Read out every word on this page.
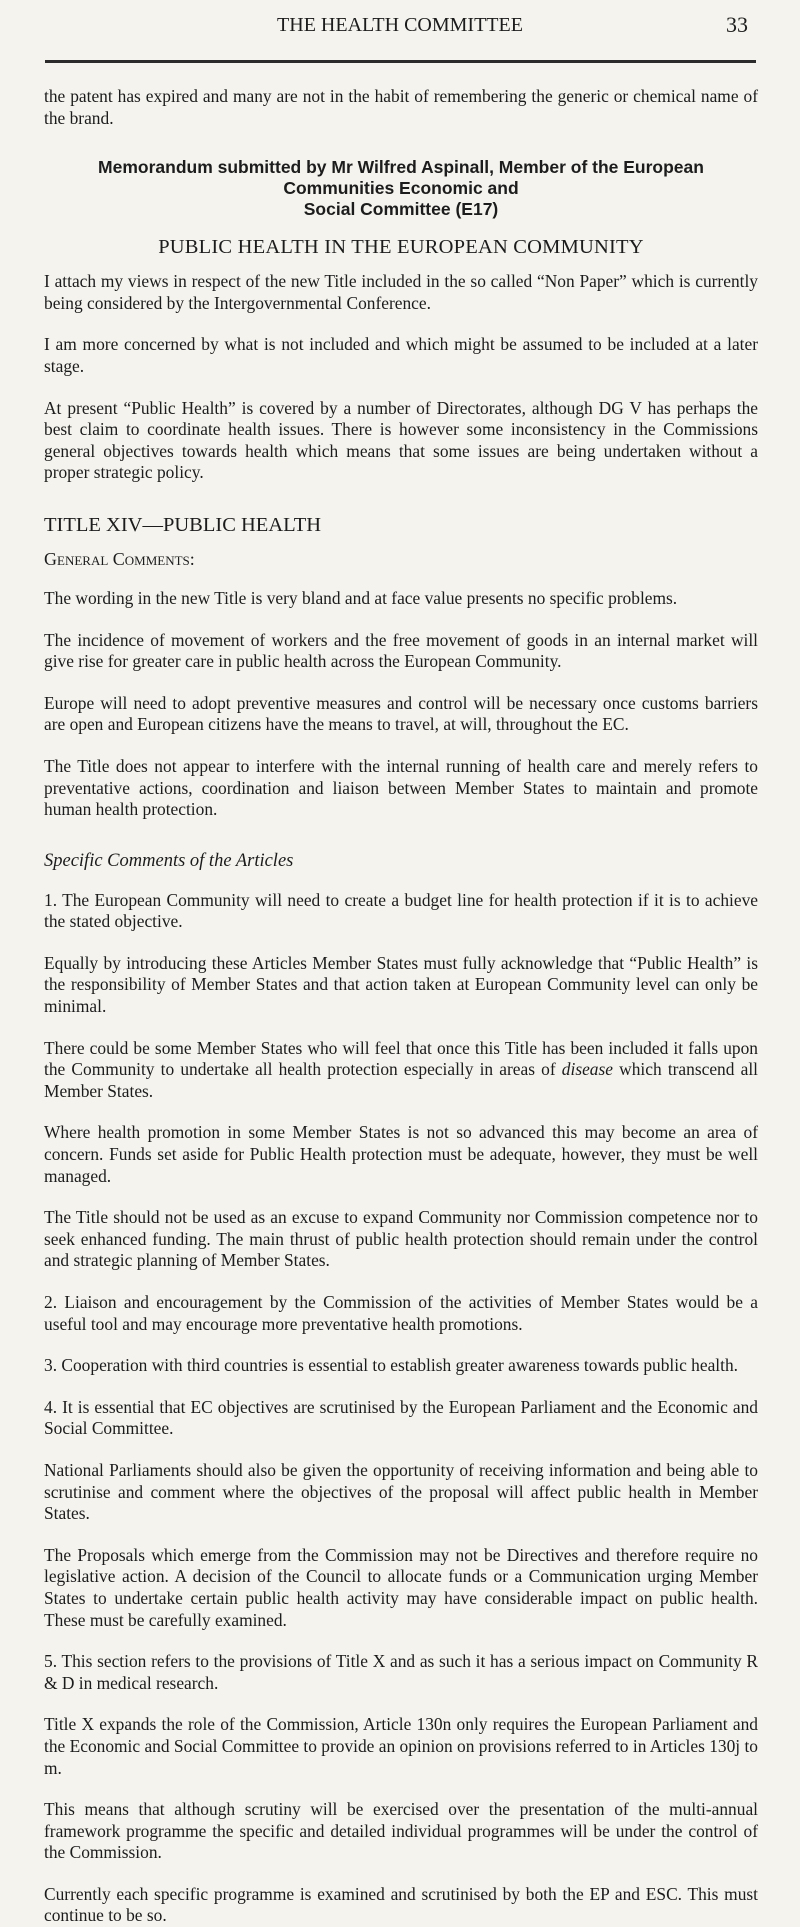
THE HEALTH COMMITTEE	33

the patent has expired and many are not in the habit of remembering the generic or chemical name of the brand.

Memorandum submitted by Mr Wilfred Aspinall, Member of the European Communities Economic and
Social Committee (E17)
PUBLIC HEALTH IN THE EUROPEAN COMMUNITY

I attach my views in respect of the new Title included in the so called “Non Paper” which is currently being considered by the Intergovernmental Conference.

I am more concerned by what is not included and which might be assumed to be included at a later stage.

At present “Public Health” is covered by a number of Directorates, although DG V has perhaps the best claim to coordinate health issues. There is however some inconsistency in the Commissions general objectives towards health which means that some issues are being undertaken without a proper strategic policy.

TITLE XIV—PUBLIC HEALTH
General Comments:

The wording in the new Title is very bland and at face value presents no specific problems.

The incidence of movement of workers and the free movement of goods in an internal market will give rise for greater care in public health across the European Community.

Europe will need to adopt preventive measures and control will be necessary once customs barriers are open and European citizens have the means to travel, at will, throughout the EC.

The Title does not appear to interfere with the internal running of health care and merely refers to preventative actions, coordination and liaison between Member States to maintain and promote human health protection.

Specific Comments of the Articles

1. The European Community will need to create a budget line for health protection if it is to achieve the stated objective.

Equally by introducing these Articles Member States must fully acknowledge that “Public Health” is the responsibility of Member States and that action taken at European Community level can only be minimal.

There could be some Member States who will feel that once this Title has been included it falls upon the Community to undertake all health protection especially in areas of disease which transcend all Member States.

Where health promotion in some Member States is not so advanced this may become an area of concern. Funds set aside for Public Health protection must be adequate, however, they must be well managed.

The Title should not be used as an excuse to expand Community nor Commission competence nor to seek enhanced funding. The main thrust of public health protection should remain under the control and strategic planning of Member States.

2. Liaison and encouragement by the Commission of the activities of Member States would be a useful tool and may encourage more preventative health promotions.

3. Cooperation with third countries is essential to establish greater awareness towards public health.

4. It is essential that EC objectives are scrutinised by the European Parliament and the Economic and Social Committee.

National Parliaments should also be given the opportunity of receiving information and being able to scrutinise and comment where the objectives of the proposal will affect public health in Member States.

The Proposals which emerge from the Commission may not be Directives and therefore require no legislative action. A decision of the Council to allocate funds or a Communication urging Member States to undertake certain public health activity may have considerable impact on public health. These must be carefully examined.

5. This section refers to the provisions of Title X and as such it has a serious impact on Community R & D in medical research.

Title X expands the role of the Commission, Article 130n only requires the European Parliament and the Economic and Social Committee to provide an opinion on provisions referred to in Articles 130j to m.

This means that although scrutiny will be exercised over the presentation of the multi-annual framework programme the specific and detailed individual programmes will be under the control of the Commission.

Currently each specific programme is examined and scrutinised by both the EP and ESC. This must continue to be so.
